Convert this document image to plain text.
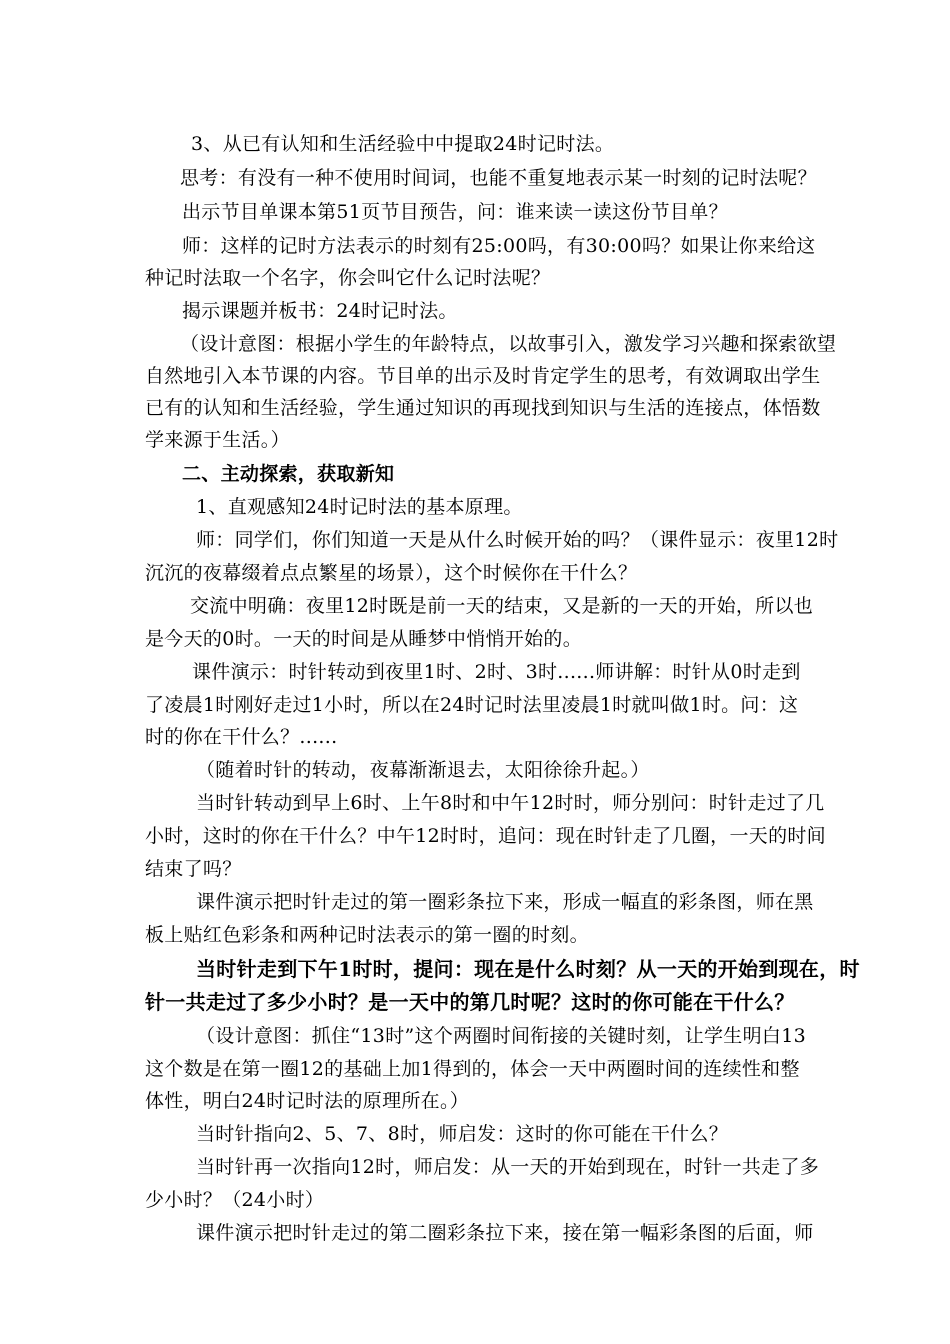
3、从已有认知和生活经验中中提取24时记时法。

思考：有没有一种不使用时间词，也能不重复地表示某一时刻的记时法呢？

出示节目单课本第51页节目预告，问：谁来读一读这份节目单？

师：这样的记时方法表示的时刻有25:00吗，有30:00吗？如果让你来给这

种记时法取一个名字，你会叫它什么记时法呢？

揭示课题并板书：24时记时法。

（设计意图：根据小学生的年龄特点，以故事引入，激发学习兴趣和探索欲望

自然地引入本节课的内容。节目单的出示及时肯定学生的思考，有效调取出学生

已有的认知和生活经验，学生通过知识的再现找到知识与生活的连接点，体悟数

学来源于生活。）

二、主动探索，获取新知

1、直观感知24时记时法的基本原理。

师：同学们，你们知道一天是从什么时候开始的吗？（课件显示：夜里12时

沉沉的夜幕缀着点点繁星的场景），这个时候你在干什么？

交流中明确：夜里12时既是前一天的结束，又是新的一天的开始，所以也

是今天的0时。一天的时间是从睡梦中悄悄开始的。

课件演示：时针转动到夜里1时、2时、3时......师讲解：时针从0时走到

了凌晨1时刚好走过1小时，所以在24时记时法里凌晨1时就叫做1时。问：这

时的你在干什么？......

（随着时针的转动，夜幕渐渐退去，太阳徐徐升起。）

当时针转动到早上6时、上午8时和中午12时时，师分别问：时针走过了几

小时，这时的你在干什么？中午12时时，追问：现在时针走了几圈，一天的时间

结束了吗？

课件演示把时针走过的第一圈彩条拉下来，形成一幅直的彩条图，师在黑

板上贴红色彩条和两种记时法表示的第一圈的时刻。

当时针走到下午1时时，提问：现在是什么时刻？从一天的开始到现在，时

针一共走过了多少小时？是一天中的第几时呢？这时的你可能在干什么？

（设计意图：抓住“13时”这个两圈时间衔接的关键时刻，让学生明白13

这个数是在第一圈12的基础上加1得到的，体会一天中两圈时间的连续性和整

体性，明白24时记时法的原理所在。）

当时针指向2、5、7、8时，师启发：这时的你可能在干什么？

当时针再一次指向12时，师启发：从一天的开始到现在，时针一共走了多

少小时？（24小时）

课件演示把时针走过的第二圈彩条拉下来，接在第一幅彩条图的后面，师
